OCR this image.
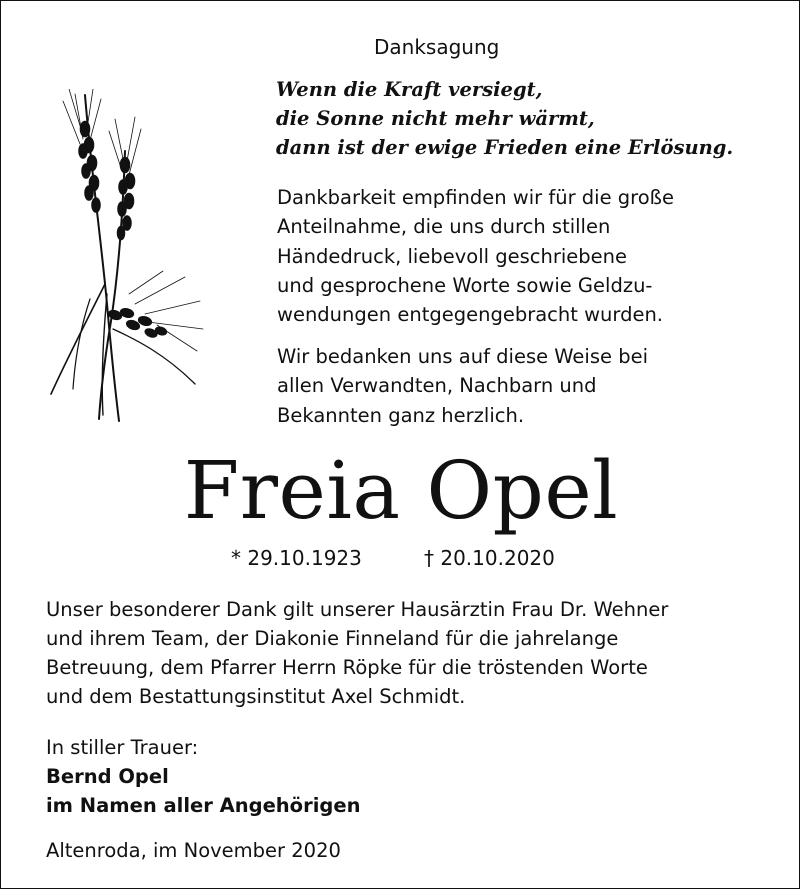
Danksagung
Wenn die Kraft versiegt,
die Sonne nicht mehr wärmt,
dann ist der ewige Frieden eine Erlösung.
Dankbarkeit empfinden wir für die große
Anteilnahme, die uns durch stillen
Händedruck, liebevoll geschriebene
und gesprochene Worte sowie Geldzu-
wendungen entgegengebracht wurden.
Wir bedanken uns auf diese Weise bei
allen Verwandten, Nachbarn und
Bekannten ganz herzlich.
Freia Opel
* 29.10.1923	† 20.10.2020
Unser besonderer Dank gilt unserer Hausärztin Frau Dr. Wehner
und ihrem Team, der Diakonie Finneland für die jahrelange
Betreuung, dem Pfarrer Herrn Röpke für die tröstenden Worte
und dem Bestattungsinstitut Axel Schmidt.
In stiller Trauer:
Bernd Opel
im Namen aller Angehörigen
Altenroda, im November 2020
